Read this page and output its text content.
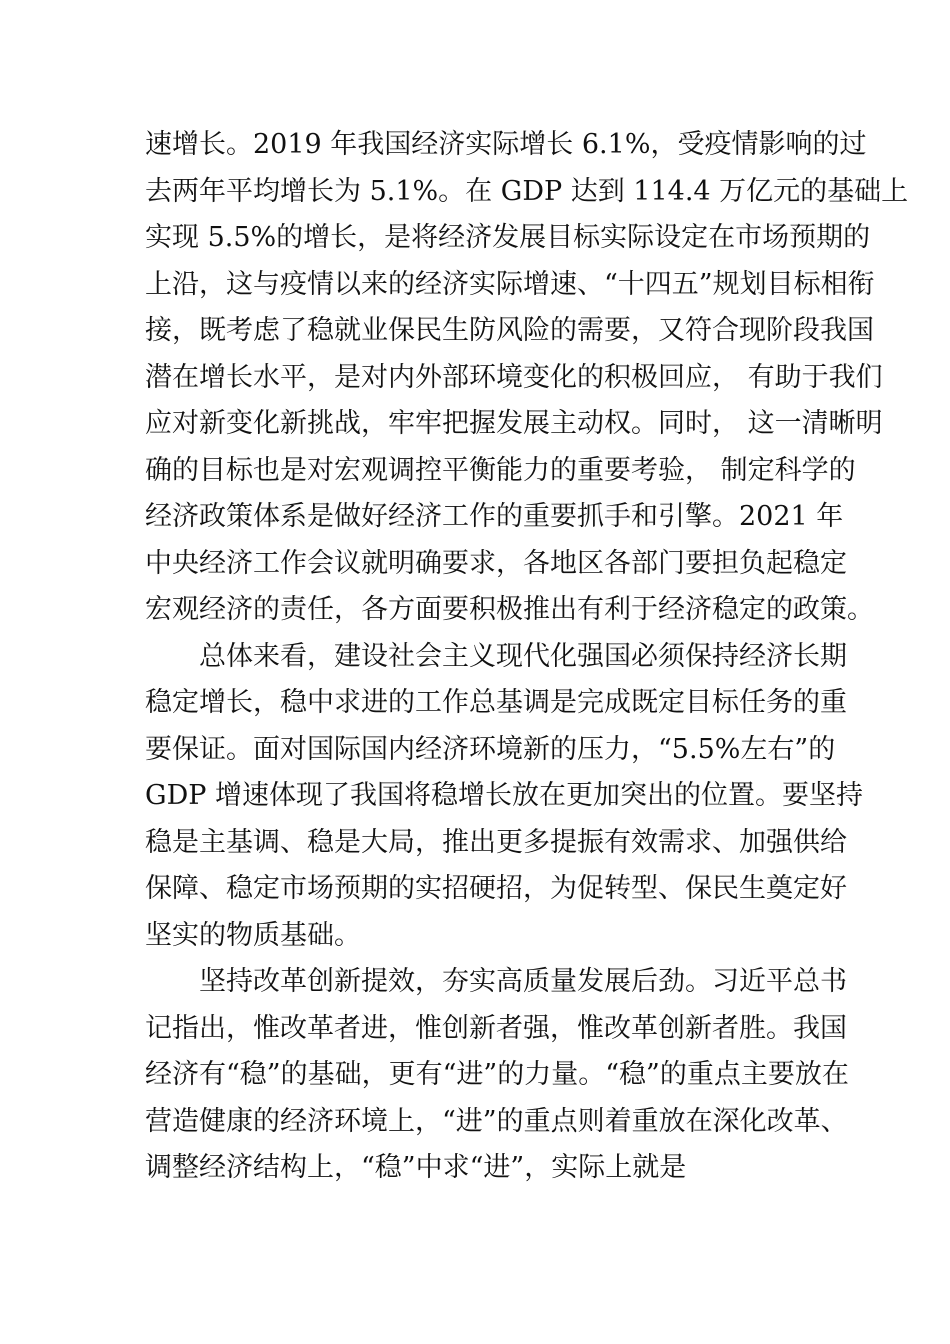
速增长。2019 年我国经济实际增长 6.1%，受疫情影响的过
去两年平均增长为 5.1%。在 GDP 达到 114.4 万亿元的基础上
实现 5.5%的增长，是将经济发展目标实际设定在市场预期的
上沿，这与疫情以来的经济实际增速、“十四五”规划目标相衔
接，既考虑了稳就业保民生防风险的需要，又符合现阶段我国
潜在增长水平，是对内外部环境变化的积极回应， 有助于我们
应对新变化新挑战，牢牢把握发展主动权。同时， 这一清晰明
确的目标也是对宏观调控平衡能力的重要考验， 制定科学的
经济政策体系是做好经济工作的重要抓手和引擎。2021 年
中央经济工作会议就明确要求，各地区各部门要担负起稳定
宏观经济的责任，各方面要积极推出有利于经济稳定的政策。
总体来看，建设社会主义现代化强国必须保持经济长期
稳定增长，稳中求进的工作总基调是完成既定目标任务的重
要保证。面对国际国内经济环境新的压力，“5.5%左右”的
GDP 增速体现了我国将稳增长放在更加突出的位置。要坚持
稳是主基调、稳是大局，推出更多提振有效需求、加强供给
保障、稳定市场预期的实招硬招，为促转型、保民生奠定好
坚实的物质基础。
坚持改革创新提效，夯实高质量发展后劲。习近平总书
记指出，惟改革者进，惟创新者强，惟改革创新者胜。我国
经济有“稳”的基础，更有“进”的力量。“稳”的重点主要放在
营造健康的经济环境上，“进”的重点则着重放在深化改革、
调整经济结构上，“稳”中求“进”，实际上就是
